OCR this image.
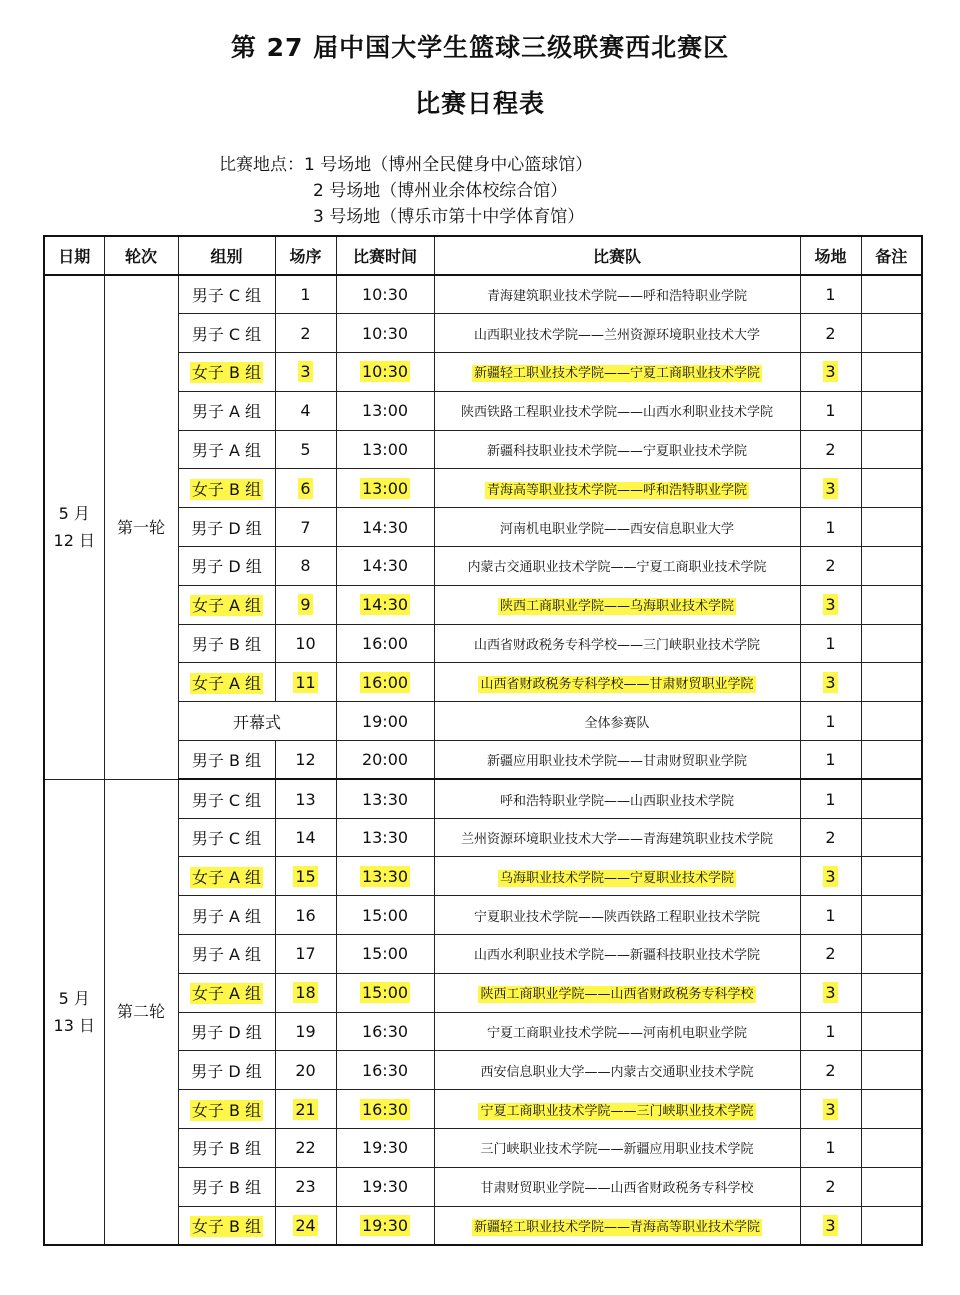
第 27 届中国大学生篮球三级联赛西北赛区
比赛日程表
比赛地点：1 号场地（博州全民健身中心篮球馆）
2 号场地（博州业余体校综合馆）
3 号场地（博乐市第十中学体育馆）
日期	轮次	组别	场序	比赛时间	比赛队	场地	备注

5 月
12 日	第一轮	男子 C 组	1	10:30	青海建筑职业技术学院——呼和浩特职业学院	1	
		男子 C 组	2	10:30	山西职业技术学院——兰州资源环境职业技术大学	2	
		女子 B 组	3	10:30	新疆轻工职业技术学院——宁夏工商职业技术学院	3	
		男子 A 组	4	13:00	陕西铁路工程职业技术学院——山西水利职业技术学院	1	
		男子 A 组	5	13:00	新疆科技职业技术学院——宁夏职业技术学院	2	
		女子 B 组	6	13:00	青海高等职业技术学院——呼和浩特职业学院	3	
		男子 D 组	7	14:30	河南机电职业学院——西安信息职业大学	1	
		男子 D 组	8	14:30	内蒙古交通职业技术学院——宁夏工商职业技术学院	2	
		女子 A 组	9	14:30	陕西工商职业学院——乌海职业技术学院	3	
		男子 B 组	10	16:00	山西省财政税务专科学校——三门峡职业技术学院	1	
		女子 A 组	11	16:00	山西省财政税务专科学校——甘肃财贸职业学院	3	
		开幕式		19:00	全体参赛队	1	
		男子 B 组	12	20:00	新疆应用职业技术学院——甘肃财贸职业学院	1	

5 月
13 日	第二轮	男子 C 组	13	13:30	呼和浩特职业学院——山西职业技术学院	1	
		男子 C 组	14	13:30	兰州资源环境职业技术大学——青海建筑职业技术学院	2	
		女子 A 组	15	13:30	乌海职业技术学院——宁夏职业技术学院	3	
		男子 A 组	16	15:00	宁夏职业技术学院——陕西铁路工程职业技术学院	1	
		男子 A 组	17	15:00	山西水利职业技术学院——新疆科技职业技术学院	2	
		女子 A 组	18	15:00	陕西工商职业学院——山西省财政税务专科学校	3	
		男子 D 组	19	16:30	宁夏工商职业技术学院——河南机电职业学院	1	
		男子 D 组	20	16:30	西安信息职业大学——内蒙古交通职业技术学院	2	
		女子 B 组	21	16:30	宁夏工商职业技术学院——三门峡职业技术学院	3	
		男子 B 组	22	19:30	三门峡职业技术学院——新疆应用职业技术学院	1	
		男子 B 组	23	19:30	甘肃财贸职业学院——山西省财政税务专科学校	2	
		女子 B 组	24	19:30	新疆轻工职业技术学院——青海高等职业技术学院	3	
